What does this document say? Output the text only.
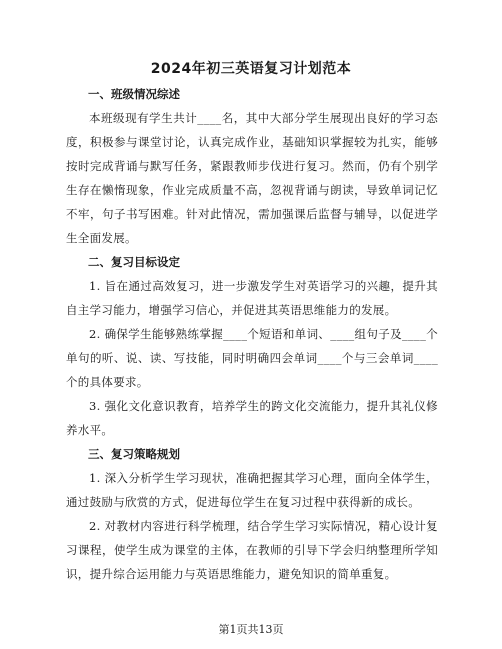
2024年初三英语复习计划范本

一、班级情况综述

本班级现有学生共计____名，其中大部分学生展现出良好的学习态度，积极参与课堂讨论，认真完成作业，基础知识掌握较为扎实，能够按时完成背诵与默写任务，紧跟教师步伐进行复习。然而，仍有个别学生存在懒惰现象，作业完成质量不高，忽视背诵与朗读，导致单词记忆不牢，句子书写困难。针对此情况，需加强课后监督与辅导，以促进学生全面发展。

二、复习目标设定

1. 旨在通过高效复习，进一步激发学生对英语学习的兴趣，提升其自主学习能力，增强学习信心，并促进其英语思维能力的发展。

2. 确保学生能够熟练掌握____个短语和单词、____组句子及____个单句的听、说、读、写技能，同时明确四会单词____个与三会单词____个的具体要求。

3. 强化文化意识教育，培养学生的跨文化交流能力，提升其礼仪修养水平。

三、复习策略规划

1. 深入分析学生学习现状，准确把握其学习心理，面向全体学生，通过鼓励与欣赏的方式，促进每位学生在复习过程中获得新的成长。

2. 对教材内容进行科学梳理，结合学生学习实际情况，精心设计复习课程，使学生成为课堂的主体，在教师的引导下学会归纳整理所学知识，提升综合运用能力与英语思维能力，避免知识的简单重复。

第1页共13页
